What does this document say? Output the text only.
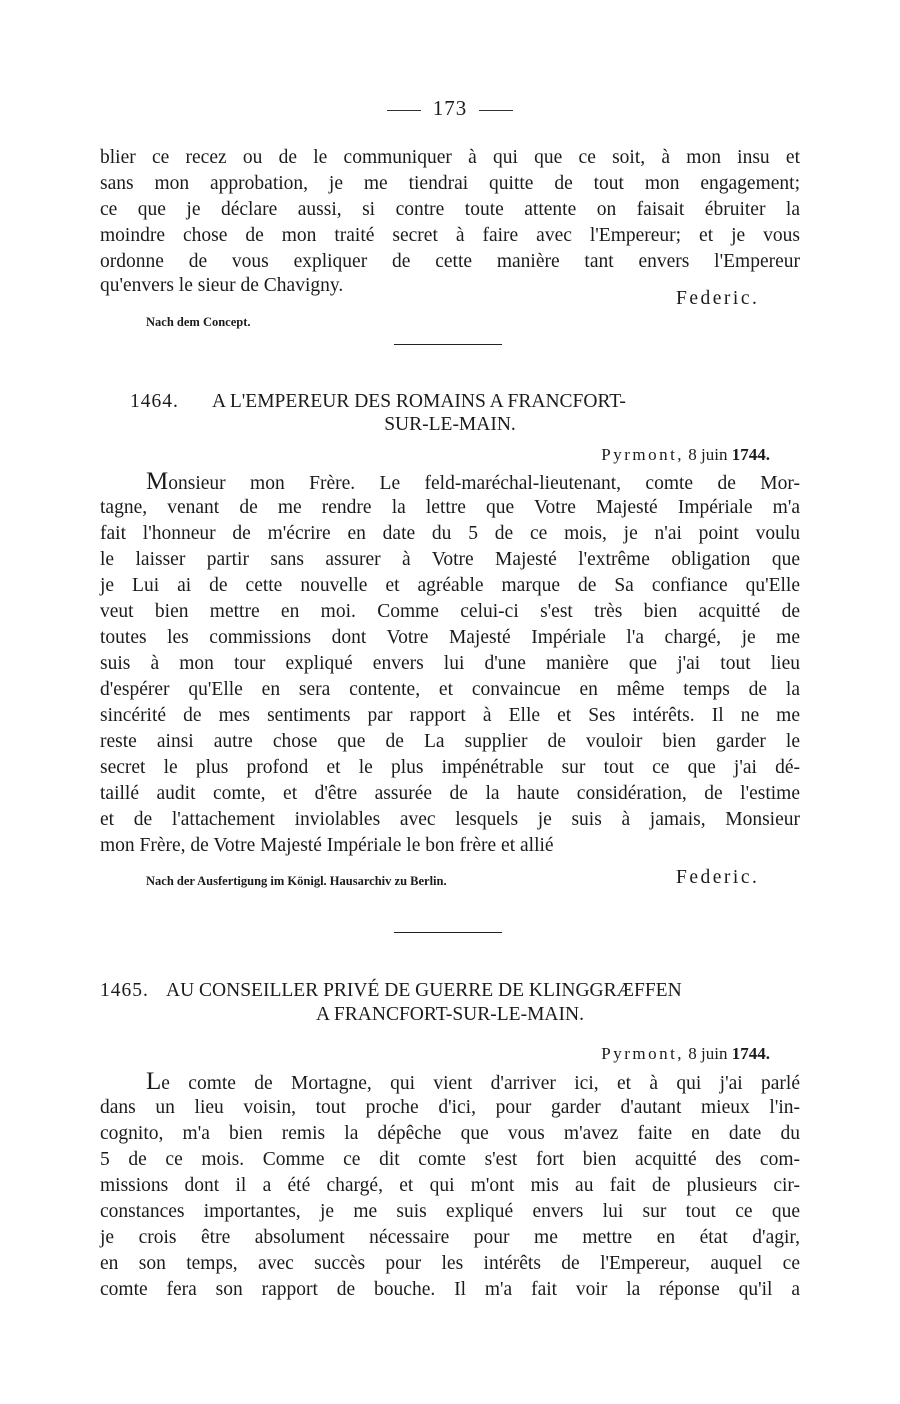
173
blier ce recez ou de le communiquer à qui que ce soit, à mon insu et
sans mon approbation, je me tiendrai quitte de tout mon engagement;
ce que je déclare aussi, si contre toute attente on faisait ébruiter la
moindre chose de mon traité secret à faire avec l'Empereur; et je vous
ordonne de vous expliquer de cette manière tant envers l'Empereur
qu'envers le sieur de Chavigny.
Federic.
Nach dem Concept.
1464. A L'EMPEREUR DES ROMAINS A FRANCFORT-
SUR-LE-MAIN.
Pyrmont, 8 juin 1744.
Monsieur mon Frère. Le feld-maréchal-lieutenant, comte de Mor-
tagne, venant de me rendre la lettre que Votre Majesté Impériale m'a
fait l'honneur de m'écrire en date du 5 de ce mois, je n'ai point voulu
le laisser partir sans assurer à Votre Majesté l'extrême obligation que
je Lui ai de cette nouvelle et agréable marque de Sa confiance qu'Elle
veut bien mettre en moi. Comme celui-ci s'est très bien acquitté de
toutes les commissions dont Votre Majesté Impériale l'a chargé, je me
suis à mon tour expliqué envers lui d'une manière que j'ai tout lieu
d'espérer qu'Elle en sera contente, et convaincue en même temps de la
sincérité de mes sentiments par rapport à Elle et Ses intérêts. Il ne me
reste ainsi autre chose que de La supplier de vouloir bien garder le
secret le plus profond et le plus impénétrable sur tout ce que j'ai dé-
taillé audit comte, et d'être assurée de la haute considération, de l'estime
et de l'attachement inviolables avec lesquels je suis à jamais, Monsieur
mon Frère, de Votre Majesté Impériale le bon frère et allié
Nach der Ausfertigung im Königl. Hausarchiv zu Berlin.	Federic.
1465. AU CONSEILLER PRIVÉ DE GUERRE DE KLINGGRÆFFEN
A FRANCFORT-SUR-LE-MAIN.
Pyrmont, 8 juin 1744.
Le comte de Mortagne, qui vient d'arriver ici, et à qui j'ai parlé
dans un lieu voisin, tout proche d'ici, pour garder d'autant mieux l'in-
cognito, m'a bien remis la dépêche que vous m'avez faite en date du
5 de ce mois. Comme ce dit comte s'est fort bien acquitté des com-
missions dont il a été chargé, et qui m'ont mis au fait de plusieurs cir-
constances importantes, je me suis expliqué envers lui sur tout ce que
je crois être absolument nécessaire pour me mettre en état d'agir,
en son temps, avec succès pour les intérêts de l'Empereur, auquel ce
comte fera son rapport de bouche. Il m'a fait voir la réponse qu'il a
